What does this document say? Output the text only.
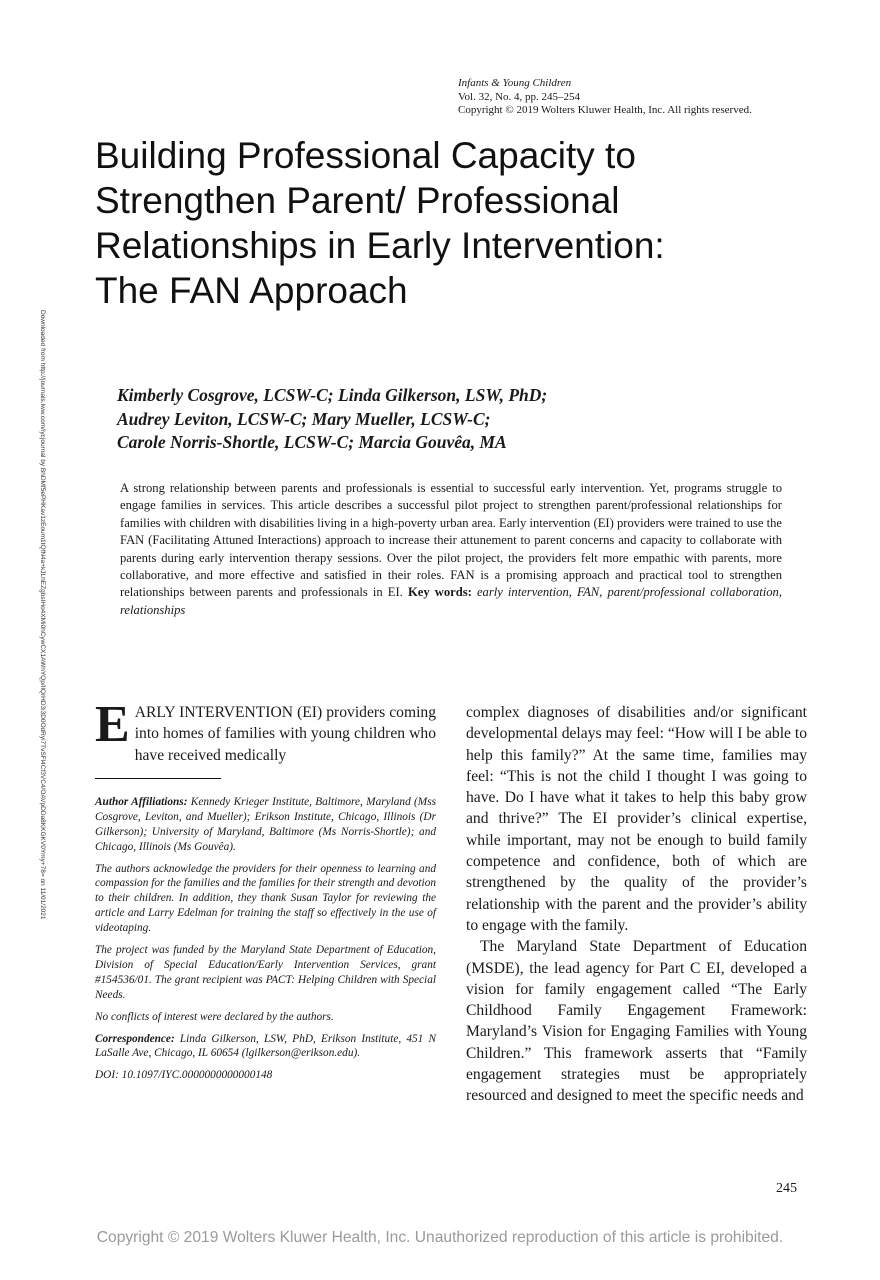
Infants & Young Children
Vol. 32, No. 4, pp. 245–254
Copyright © 2019 Wolters Kluwer Health, Inc. All rights reserved.
Building Professional Capacity to Strengthen Parent/ Professional Relationships in Early Intervention: The FAN Approach
Kimberly Cosgrove, LCSW-C; Linda Gilkerson, LSW, PhD;
Audrey Leviton, LCSW-C; Mary Mueller, LCSW-C;
Carole Norris-Shortle, LCSW-C; Marcia Gouvêa, MA
Downloaded from http://journals.lww.com/iycjournal by BhDMf5ePHKav1zEoum1tQfN4a+kJLhEZgbsIHo4XMi0hCywCX1AWnYQp/IlQrHD3i3D0OdRyi7TvSFl4Cf3VC4/OAVpDDa8KKGKV0Ymy+78= on 11/01/2021	A strong relationship between parents and professionals is essential to successful early intervention. Yet, programs struggle to engage families in services. This article describes a successful pilot project to strengthen parent/professional relationships for families with children with disabilities living in a high-poverty urban area. Early intervention (EI) providers were trained to use the FAN (Facilitating Attuned Interactions) approach to increase their attunement to parent concerns and capacity to collaborate with parents during early intervention therapy sessions. Over the pilot project, the providers felt more empathic with parents, more collaborative, and more effective and satisfied in their roles. FAN is a promising approach and practical tool to strengthen relationships between parents and professionals in EI. Key words: early intervention, FAN, parent/professional collaboration, relationships

EARLY INTERVENTION (EI) providers coming into homes of families with young children who have received medically

Author Affiliations: Kennedy Krieger Institute, Baltimore, Maryland (Mss Cosgrove, Leviton, and Mueller); Erikson Institute, Chicago, Illinois (Dr Gilkerson); University of Maryland, Baltimore (Ms Norris-Shortle); and Chicago, Illinois (Ms Gouvêa).

The authors acknowledge the providers for their openness to learning and compassion for the families and the families for their strength and devotion to their children. In addition, they thank Susan Taylor for reviewing the article and Larry Edelman for training the staff so effectively in the use of videotaping.

The project was funded by the Maryland State Department of Education, Division of Special Education/Early Intervention Services, grant #154536/01. The grant recipient was PACT: Helping Children with Special Needs.

No conflicts of interest were declared by the authors.

Correspondence: Linda Gilkerson, LSW, PhD, Erikson Institute, 451 N LaSalle Ave, Chicago, IL 60654 (lgilkerson@erikson.edu).

DOI: 10.1097/IYC.0000000000000148

complex diagnoses of disabilities and/or significant developmental delays may feel: “How will I be able to help this family?” At the same time, families may feel: “This is not the child I thought I was going to have. Do I have what it takes to help this baby grow and thrive?” The EI provider’s clinical expertise, while important, may not be enough to build family competence and confidence, both of which are strengthened by the quality of the provider’s relationship with the parent and the provider’s ability to engage with the family.

The Maryland State Department of Education (MSDE), the lead agency for Part C EI, developed a vision for family engagement called “The Early Childhood Family Engagement Framework: Maryland’s Vision for Engaging Families with Young Children.” This framework asserts that “Family engagement strategies must be appropriately resourced and designed to meet the specific needs and

245
Copyright © 2019 Wolters Kluwer Health, Inc. Unauthorized reproduction of this article is prohibited.
